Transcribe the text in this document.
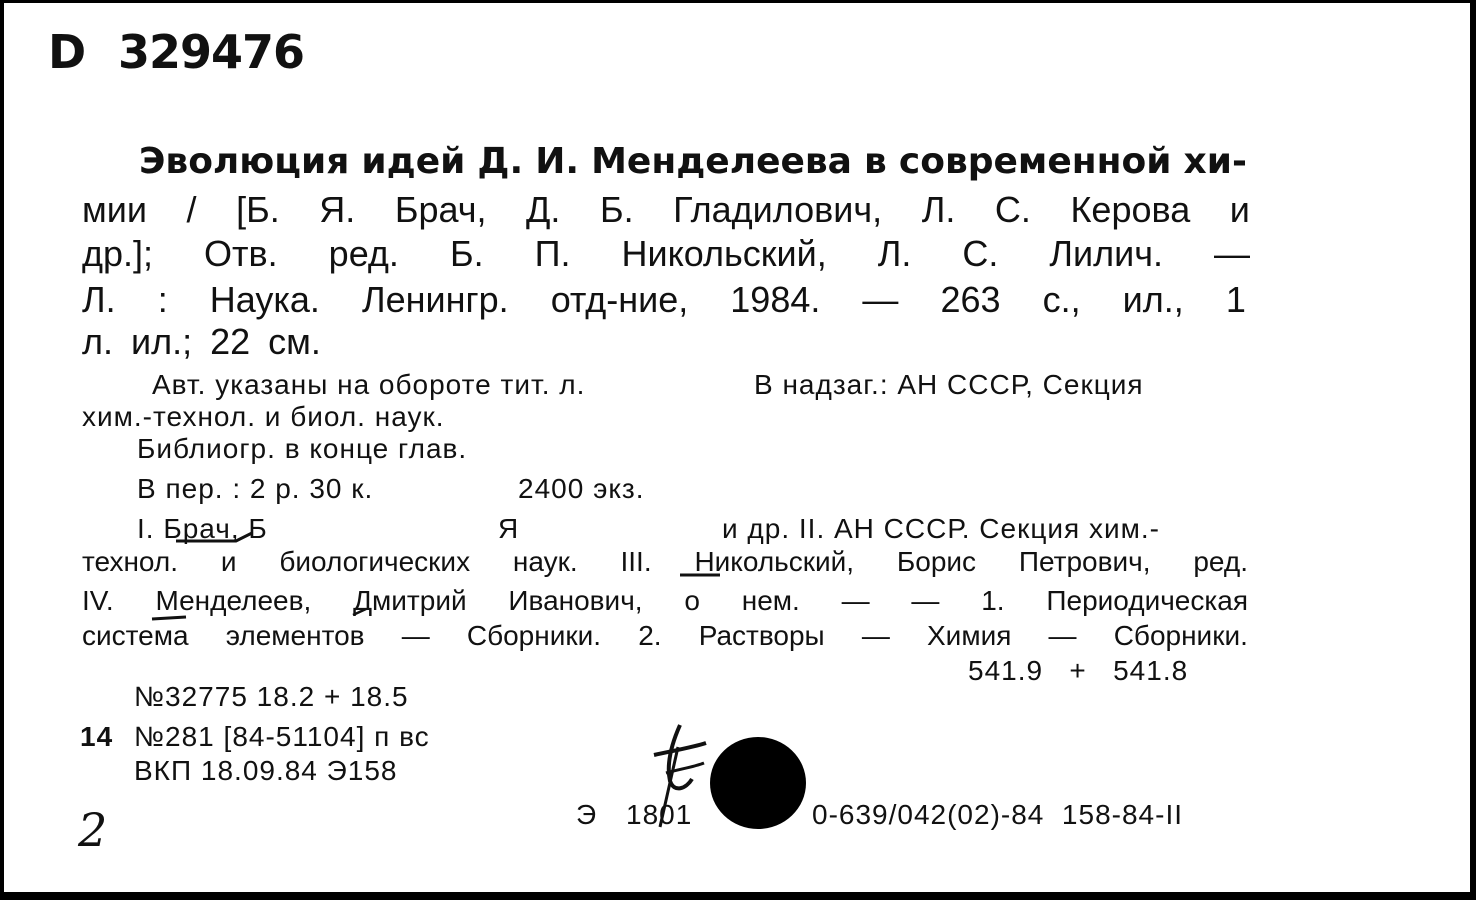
D 329476
Эволюция идей Д. И. Менделеева в современной хи-
мии / [Б. Я. Брач, Д. Б. Гладилович, Л. С. Керова и
др.]; Отв. ред. Б. П. Никольский, Л. С. Лилич. —
Л. : Наука. Ленингр. отд-ние, 1984. — 263 с., ил., 1
л. ил.; 22 см.
Авт. указаны на обороте тит. л.	В надзаг.: АН СССР, Секция
хим.-технол. и биол. наук.
Библиогр. в конце глав.
В пер. : 2 р. 30 к.	2400 экз.
I. Брач, Б	Я	и др. II. АН СССР. Секция хим.-
технол. и биологических наук. III. Никольский, Борис Петрович, ред.
IV. Менделеев, Дмитрий Иванович, о нем. — — 1. Периодическая
система элементов — Сборники. 2. Растворы — Химия — Сборники.
541.9   +   541.8
№32775 18.2 + 18.5
14 №281 [84-51104] п вс
ВКП 18.09.84 Э158
Э 1801	0-639/042(02)-84  158-84-II
2
